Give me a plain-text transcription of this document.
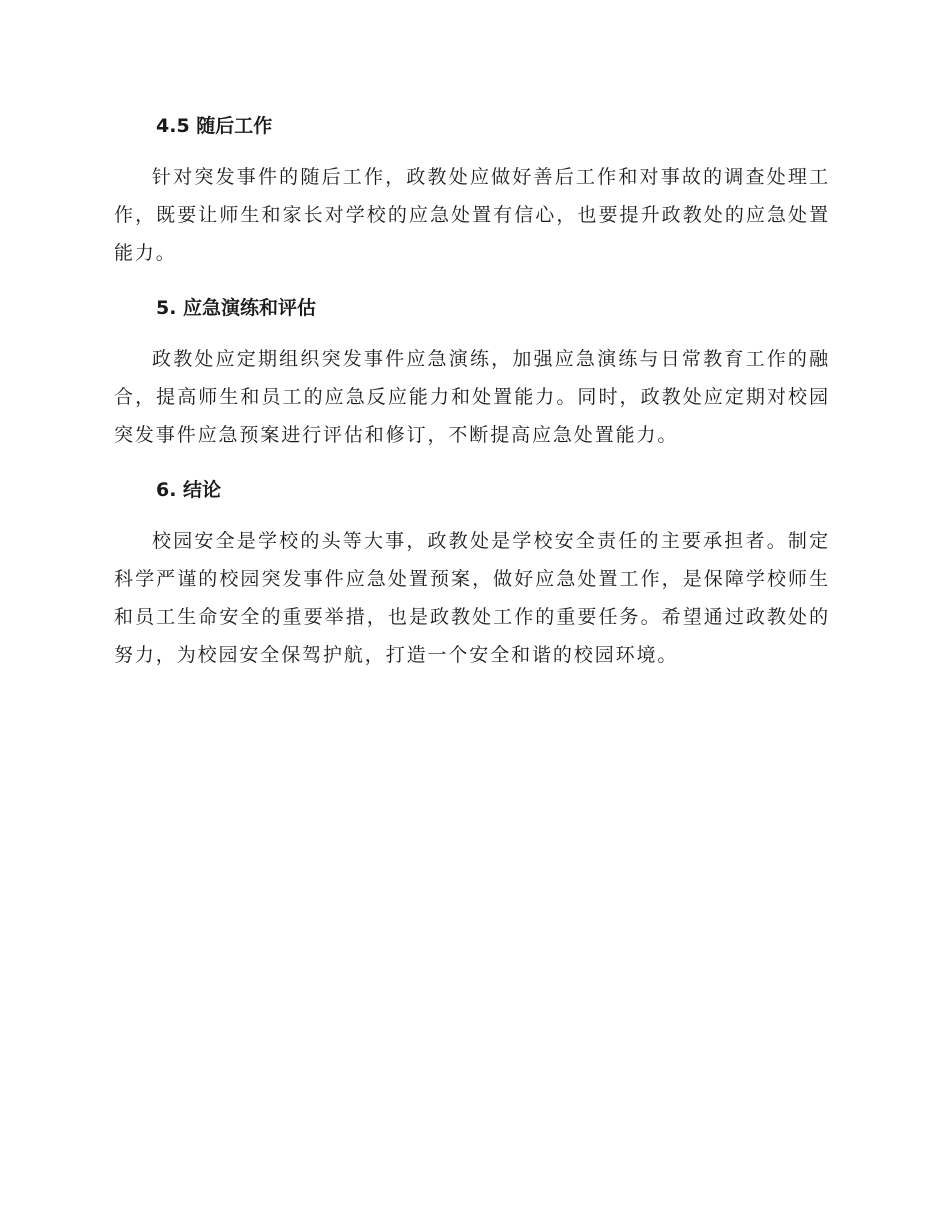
4.5 随后工作

针对突发事件的随后工作，政教处应做好善后工作和对事故的调查处理工作，既要让师生和家长对学校的应急处置有信心，也要提升政教处的应急处置能力。

5. 应急演练和评估

政教处应定期组织突发事件应急演练，加强应急演练与日常教育工作的融合，提高师生和员工的应急反应能力和处置能力。同时，政教处应定期对校园突发事件应急预案进行评估和修订，不断提高应急处置能力。

6. 结论

校园安全是学校的头等大事，政教处是学校安全责任的主要承担者。制定科学严谨的校园突发事件应急处置预案，做好应急处置工作，是保障学校师生和员工生命安全的重要举措，也是政教处工作的重要任务。希望通过政教处的努力，为校园安全保驾护航，打造一个安全和谐的校园环境。
